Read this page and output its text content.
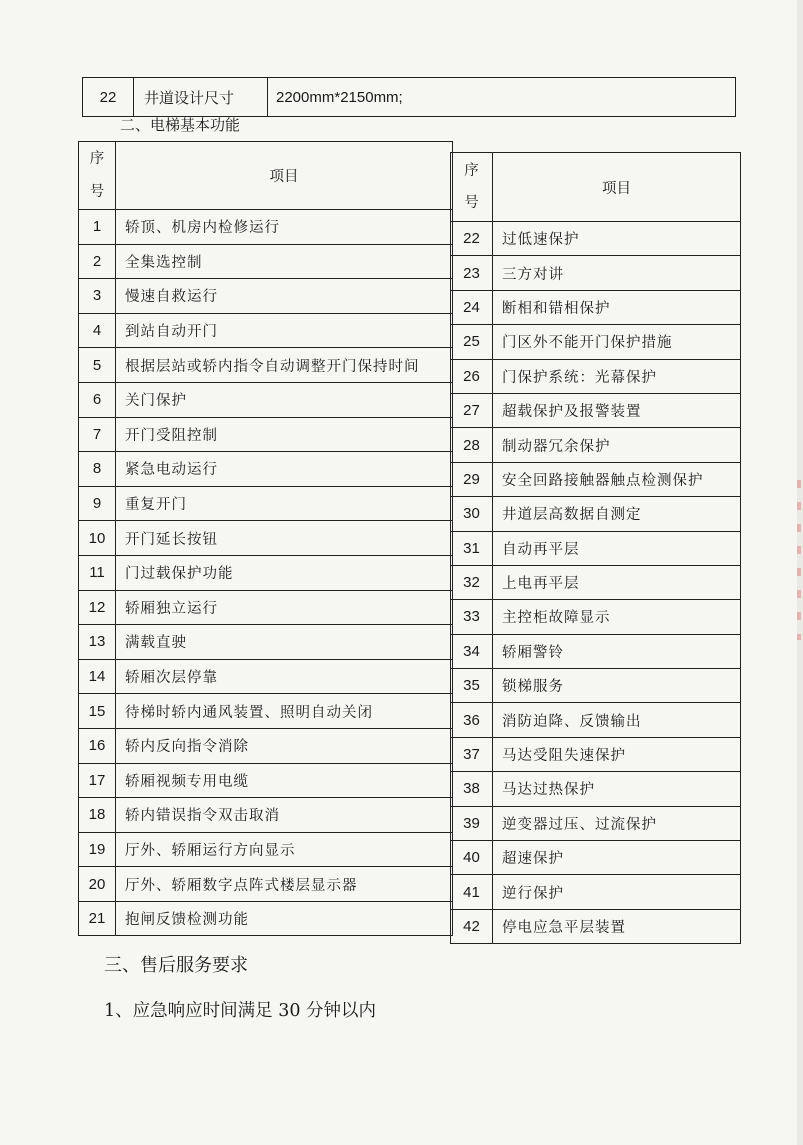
22	井道设计尺寸	2200mm*2150mm;
二、电梯基本功能
序
号	项目
1	轿顶、机房内检修运行
2	全集选控制
3	慢速自救运行
4	到站自动开门
5	根据层站或轿内指令自动调整开门保持时间
6	关门保护
7	开门受阻控制
8	紧急电动运行
9	重复开门
10	开门延长按钮
11	门过载保护功能
12	轿厢独立运行
13	满载直驶
14	轿厢次层停靠
15	待梯时轿内通风装置、照明自动关闭
16	轿内反向指令消除
17	轿厢视频专用电缆
18	轿内错误指令双击取消
19	厅外、轿厢运行方向显示
20	厅外、轿厢数字点阵式楼层显示器
21	抱闸反馈检测功能
序
号	项目
22	过低速保护
23	三方对讲
24	断相和错相保护
25	门区外不能开门保护措施
26	门保护系统：光幕保护
27	超载保护及报警装置
28	制动器冗余保护
29	安全回路接触器触点检测保护
30	井道层高数据自测定
31	自动再平层
32	上电再平层
33	主控柜故障显示
34	轿厢警铃
35	锁梯服务
36	消防迫降、反馈输出
37	马达受阻失速保护
38	马达过热保护
39	逆变器过压、过流保护
40	超速保护
41	逆行保护
42	停电应急平层装置
三、售后服务要求
1、应急响应时间满足 30 分钟以内
